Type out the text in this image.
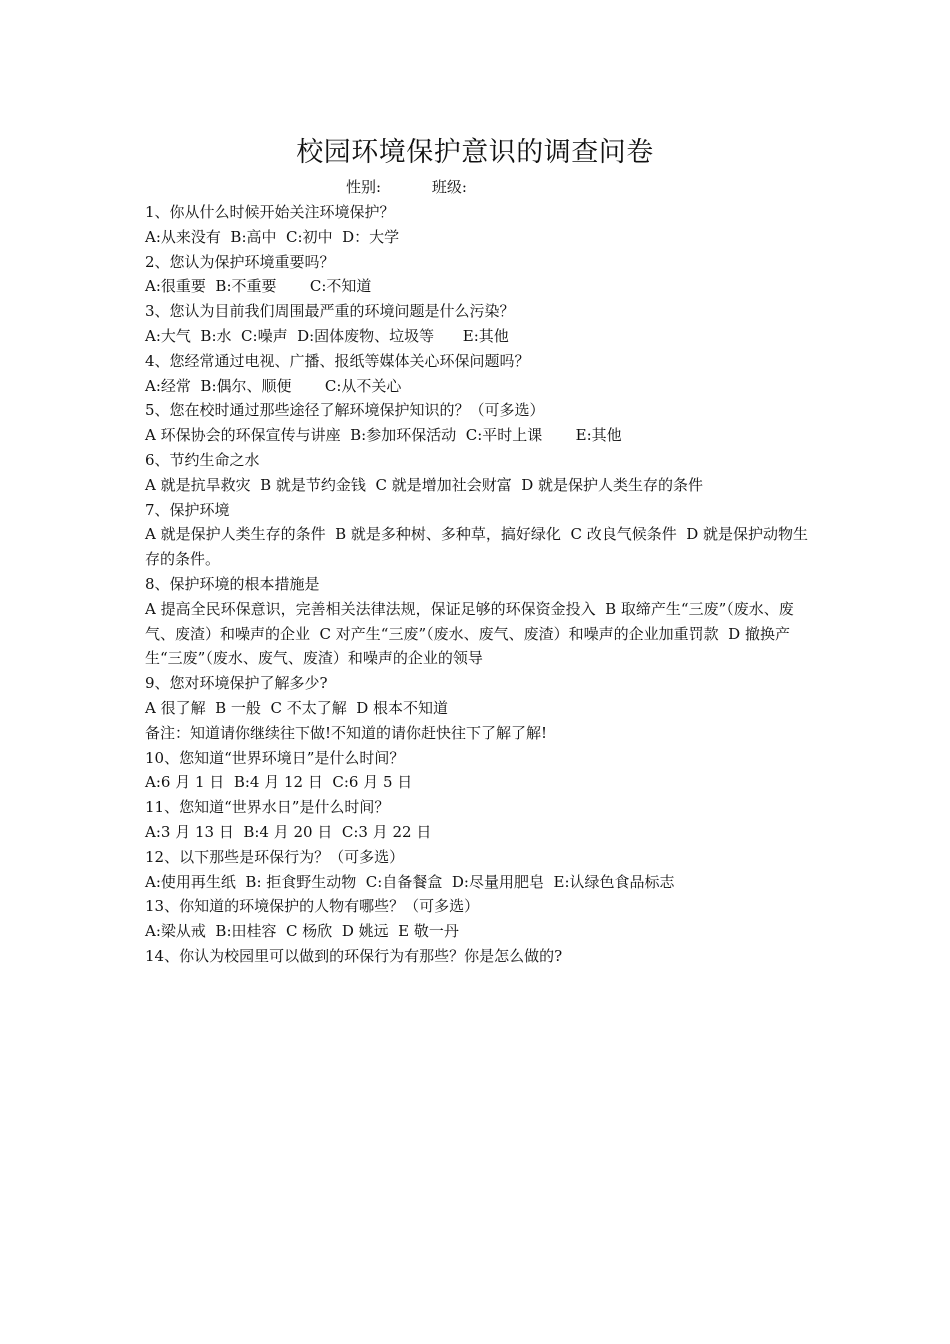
校园环境保护意识的调查问卷
性别:	班级:

1、你从什么时候开始关注环境保护？

A:从来没有  B:高中  C:初中  D：大学

2、您认为保护环境重要吗？

A:很重要  B:不重要       C:不知道

3、您认为目前我们周围最严重的环境问题是什么污染？

A:大气  B:水  C:噪声  D:固体废物、垃圾等      E:其他

4、您经常通过电视、广播、报纸等媒体关心环保问题吗？

A:经常  B:偶尔、顺便       C:从不关心

5、您在校时通过那些途径了解环境保护知识的？（可多选）

A 环保协会的环保宣传与讲座  B:参加环保活动  C:平时上课       E:其他

6、节约生命之水

A 就是抗旱救灾  B 就是节约金钱  C 就是增加社会财富  D 就是保护人类生存的条件

7、保护环境

A 就是保护人类生存的条件  B 就是多种树、多种草，搞好绿化  C 改良气候条件  D 就是保护动物生存的条件。

8、保护环境的根本措施是

A 提高全民环保意识，完善相关法律法规，保证足够的环保资金投入  B 取缔产生“三废”（废水、废气、废渣）和噪声的企业  C 对产生“三废”（废水、废气、废渣）和噪声的企业加重罚款  D 撤换产生“三废”（废水、废气、废渣）和噪声的企业的领导

9、您对环境保护了解多少?

A 很了解  B 一般  C 不太了解  D 根本不知道

备注：知道请你继续往下做!不知道的请你赶快往下了解了解!

10、您知道“世界环境日”是什么时间？

A:6 月 1 日  B:4 月 12 日  C:6 月 5 日

11、您知道“世界水日”是什么时间？

A:3 月 13 日  B:4 月 20 日  C:3 月 22 日

12、以下那些是环保行为？（可多选）

A:使用再生纸  B: 拒食野生动物  C:自备餐盒  D:尽量用肥皂  E:认绿色食品标志

13、你知道的环境保护的人物有哪些？（可多选）

A:梁从戒  B:田桂容  C 杨欣  D 姚远  E 敬一丹

14、你认为校园里可以做到的环保行为有那些？你是怎么做的?
